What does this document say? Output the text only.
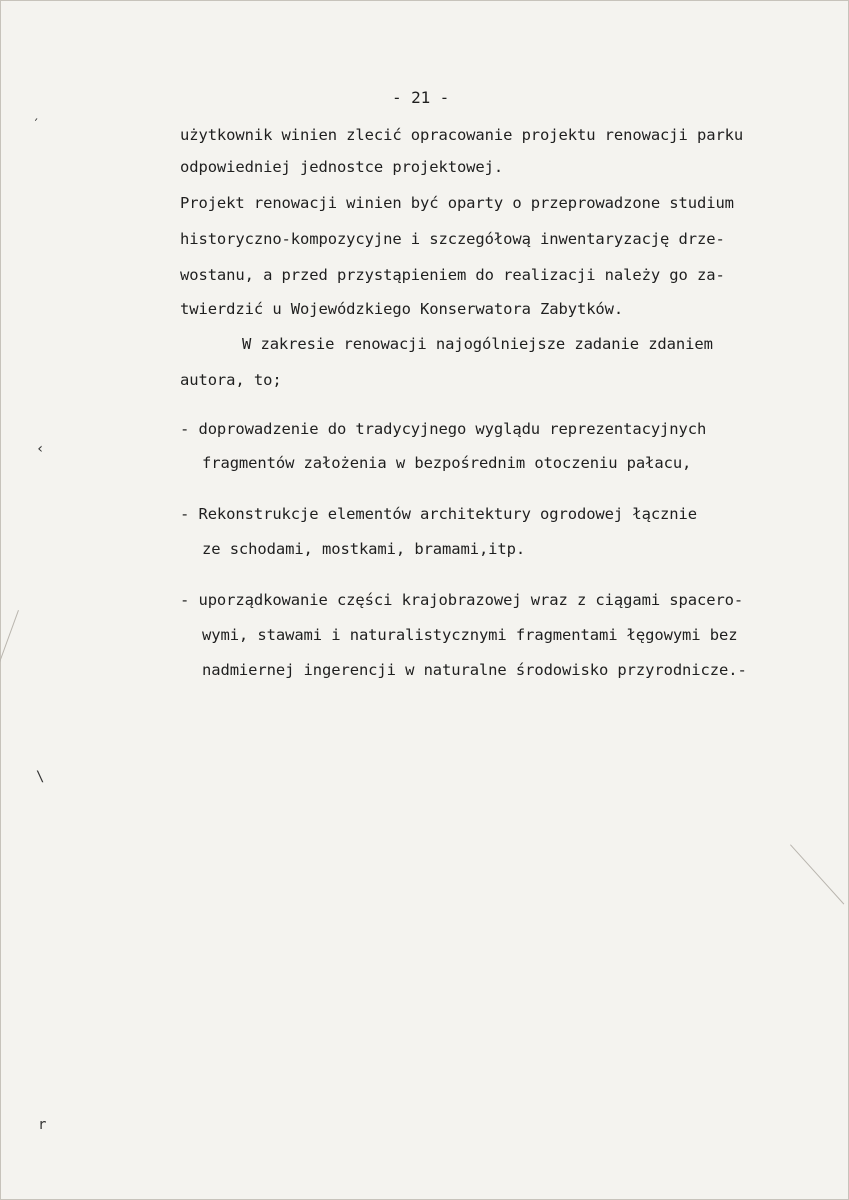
′
‹
\
r
- 21 -
użytkownik winien zlecić opracowanie projektu renowacji parku
odpowiedniej jednostce projektowej.
Projekt renowacji winien być oparty o przeprowadzone studium
historyczno-kompozycyjne i szczegółową inwentaryzację drze-
wostanu, a przed przystąpieniem do realizacji należy go za-
twierdzić u Wojewódzkiego Konserwatora Zabytków.
W zakresie renowacji najogólniejsze zadanie zdaniem
autora, to;
- doprowadzenie do tradycyjnego wyglądu reprezentacyjnych
fragmentów założenia w bezpośrednim otoczeniu pałacu,
- Rekonstrukcje elementów architektury ogrodowej łącznie
ze schodami, mostkami, bramami,itp.
- uporządkowanie części krajobrazowej wraz z ciągami spacero-
wymi, stawami i naturalistycznymi fragmentami łęgowymi bez
nadmiernej ingerencji w naturalne środowisko przyrodnicze.-
